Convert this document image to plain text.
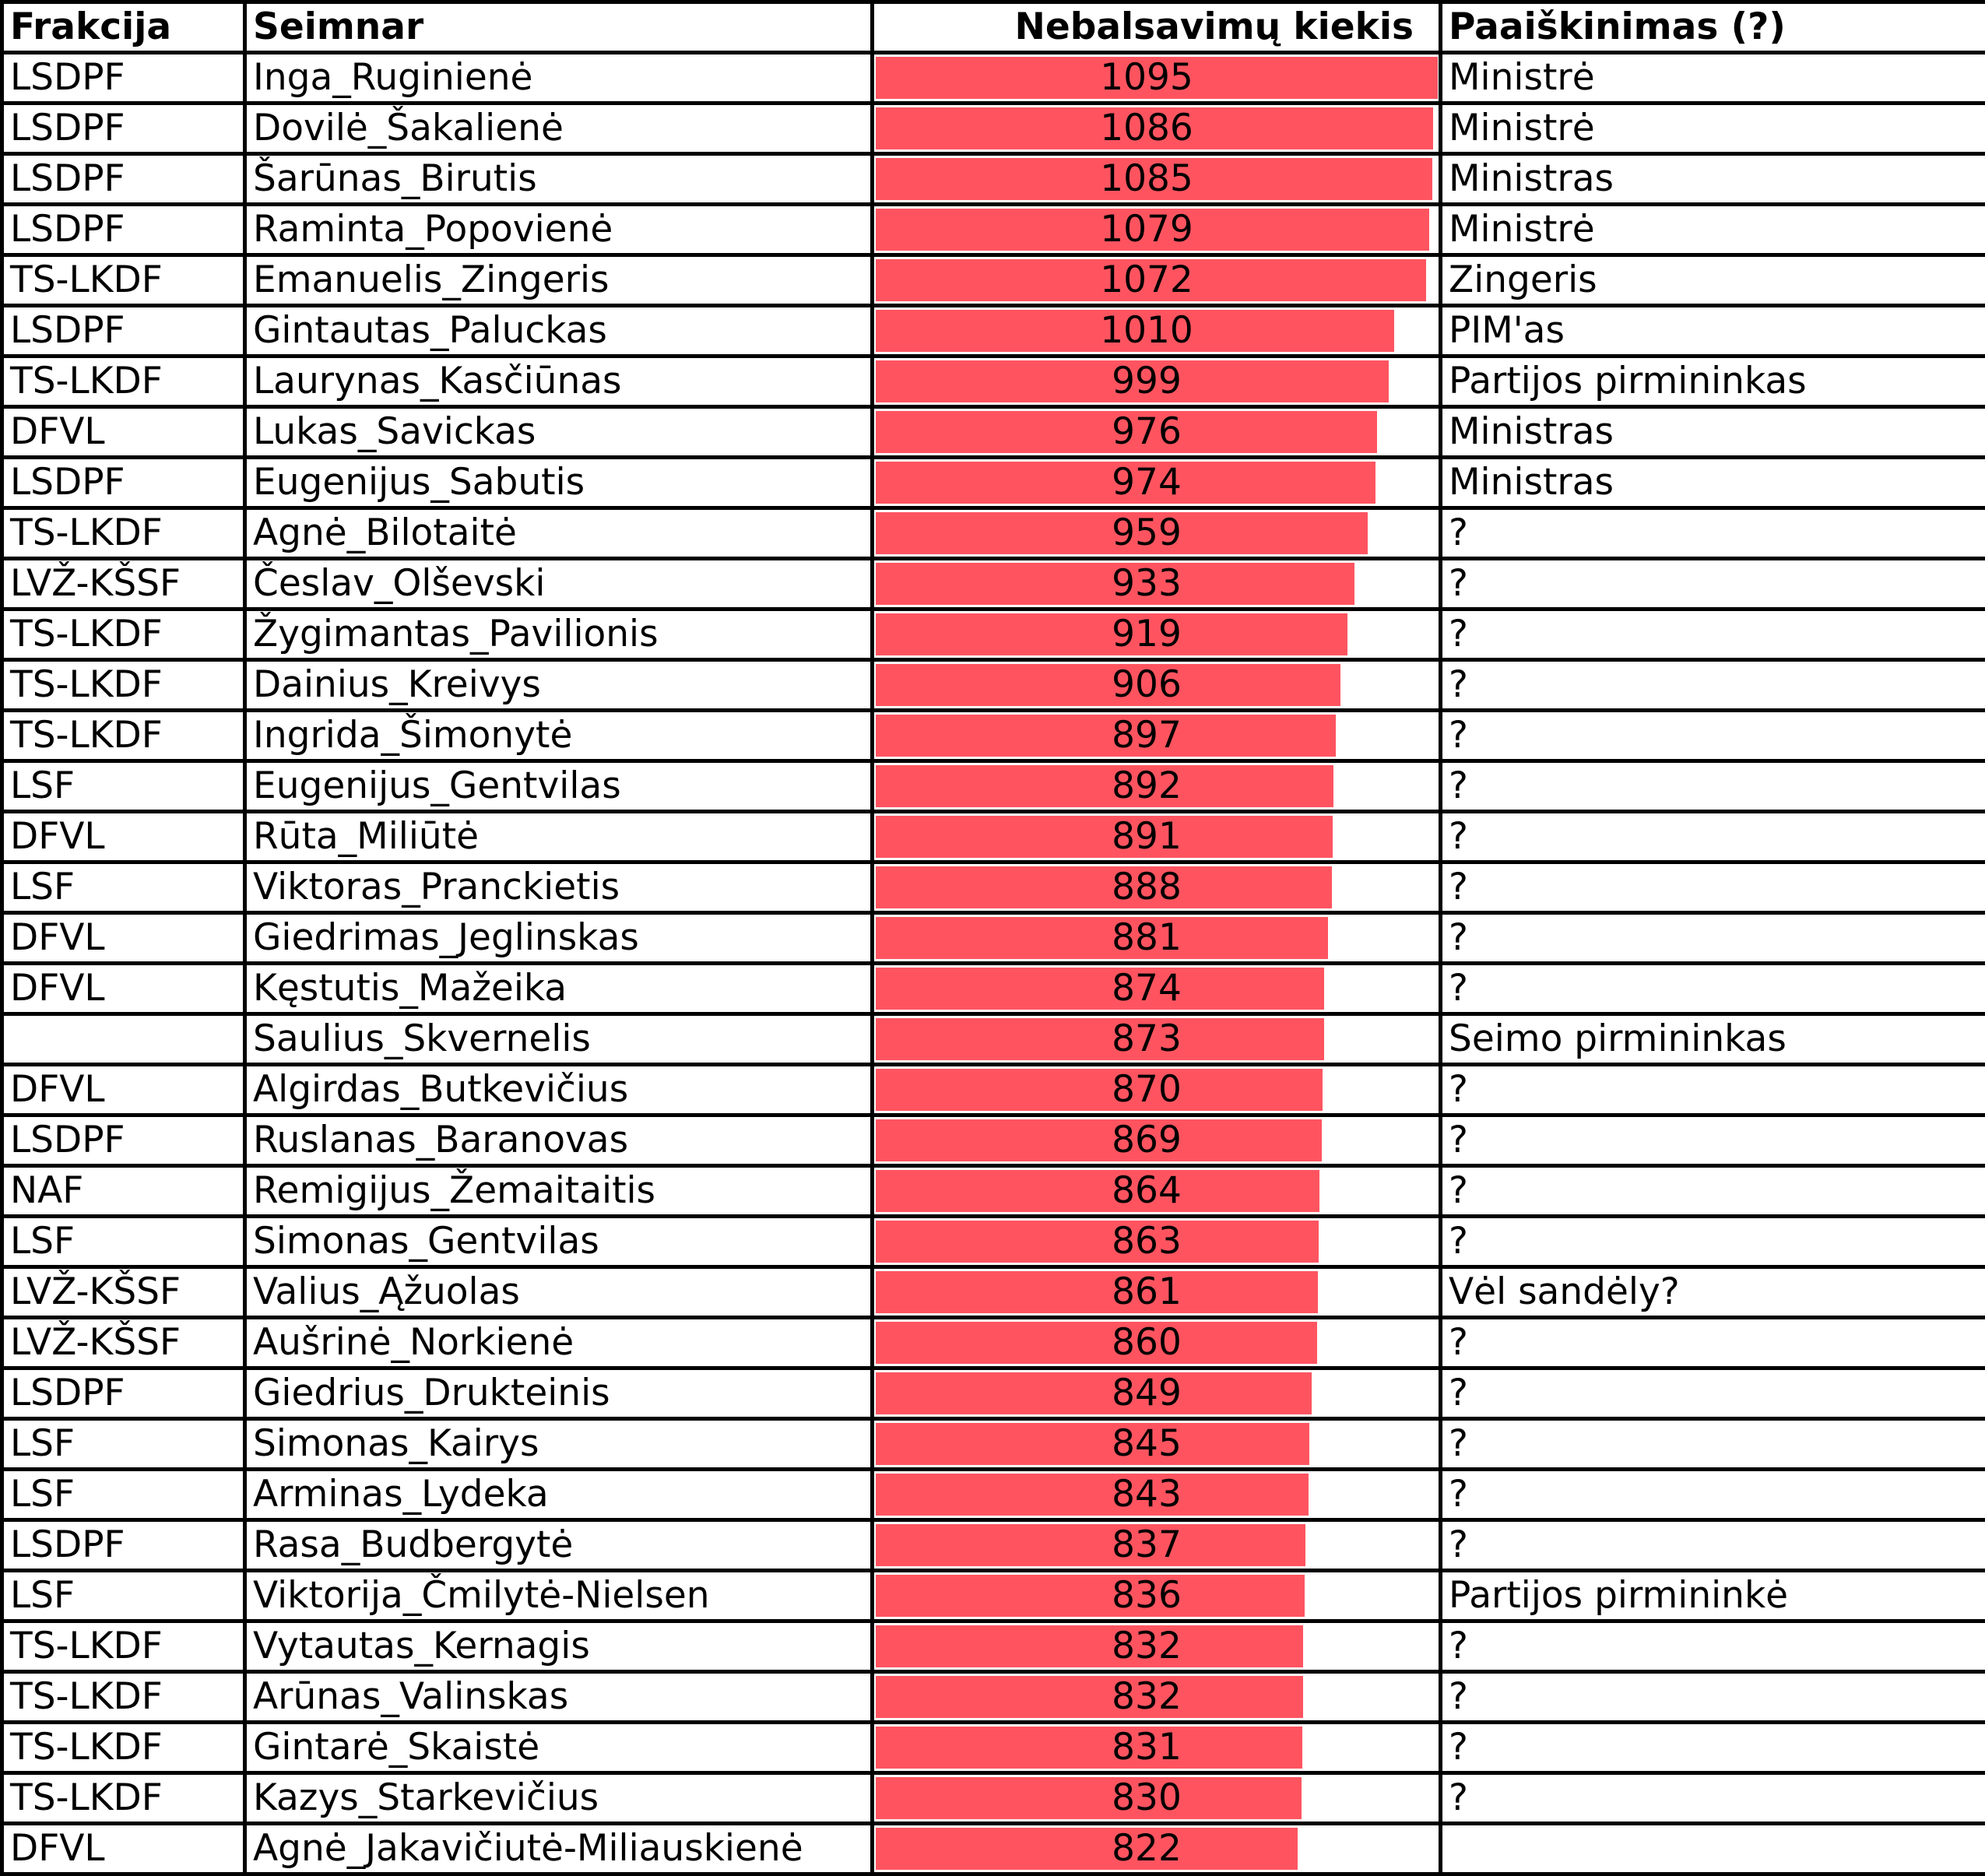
Frakcija	Seimnar	Nebalsavimų kiekis	Paaiškinimas (?)
LSDPF	Inga_Ruginienė	1095	Ministrė
LSDPF	Dovilė_Šakalienė	1086	Ministrė
LSDPF	Šarūnas_Birutis	1085	Ministras
LSDPF	Raminta_Popovienė	1079	Ministrė
TS-LKDF	Emanuelis_Zingeris	1072	Zingeris
LSDPF	Gintautas_Paluckas	1010	PIM'as
TS-LKDF	Laurynas_Kasčiūnas	999	Partijos pirmininkas
DFVL	Lukas_Savickas	976	Ministras
LSDPF	Eugenijus_Sabutis	974	Ministras
TS-LKDF	Agnė_Bilotaitė	959	?
LVŽ-KŠSF	Česlav_Olševski	933	?
TS-LKDF	Žygimantas_Pavilionis	919	?
TS-LKDF	Dainius_Kreivys	906	?
TS-LKDF	Ingrida_Šimonytė	897	?
LSF	Eugenijus_Gentvilas	892	?
DFVL	Rūta_Miliūtė	891	?
LSF	Viktoras_Pranckietis	888	?
DFVL	Giedrimas_Jeglinskas	881	?
DFVL	Kęstutis_Mažeika	874	?
	Saulius_Skvernelis	873	Seimo pirmininkas
DFVL	Algirdas_Butkevičius	870	?
LSDPF	Ruslanas_Baranovas	869	?
NAF	Remigijus_Žemaitaitis	864	?
LSF	Simonas_Gentvilas	863	?
LVŽ-KŠSF	Valius_Ąžuolas	861	Vėl sandėly?
LVŽ-KŠSF	Aušrinė_Norkienė	860	?
LSDPF	Giedrius_Drukteinis	849	?
LSF	Simonas_Kairys	845	?
LSF	Arminas_Lydeka	843	?
LSDPF	Rasa_Budbergytė	837	?
LSF	Viktorija_Čmilytė-Nielsen	836	Partijos pirmininkė
TS-LKDF	Vytautas_Kernagis	832	?
TS-LKDF	Arūnas_Valinskas	832	?
TS-LKDF	Gintarė_Skaistė	831	?
TS-LKDF	Kazys_Starkevičius	830	?
DFVL	Agnė_Jakavičiutė-Miliauskienė	822	
